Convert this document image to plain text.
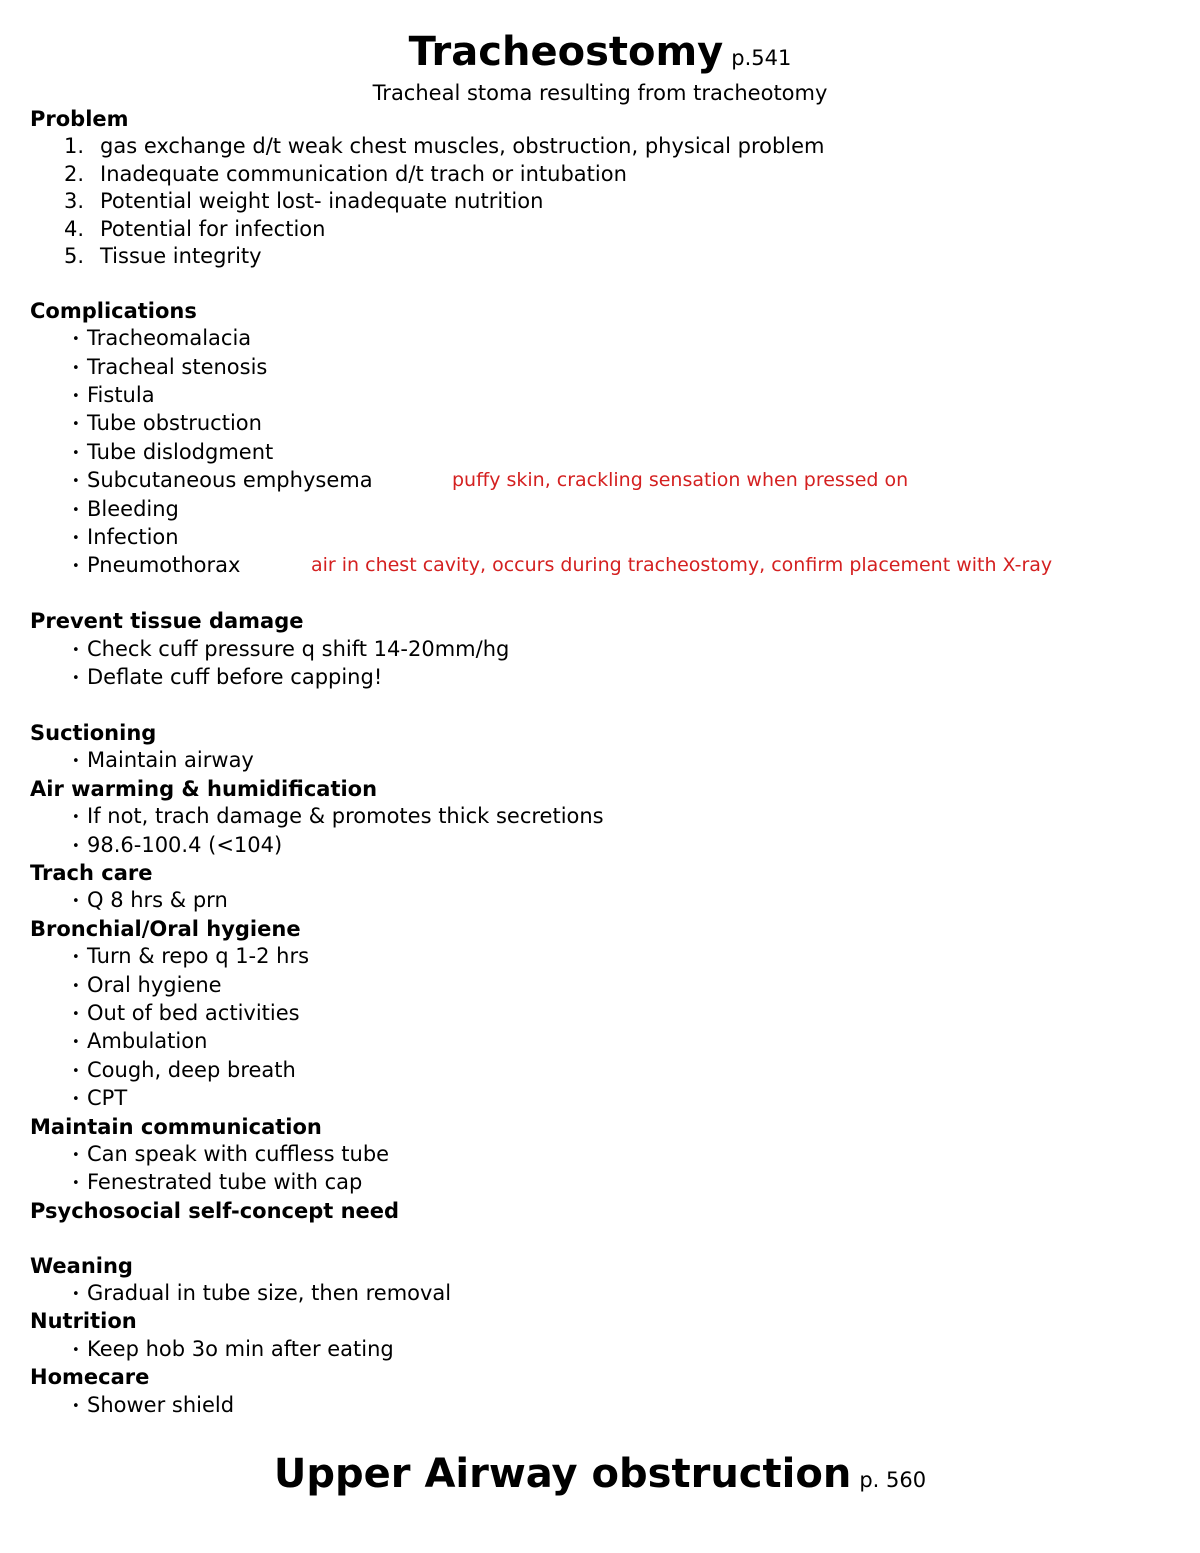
Tracheostomy p.541
Tracheal stoma resulting from tracheotomy
Problem
1. gas exchange d/t weak chest muscles, obstruction, physical problem
2. Inadequate communication d/t trach or intubation
3. Potential weight lost- inadequate nutrition
4. Potential for infection
5. Tissue integrity
Complications
• Tracheomalacia
• Tracheal stenosis
• Fistula
• Tube obstruction
• Tube dislodgment
• Subcutaneous emphysema	puffy skin, crackling sensation when pressed on
• Bleeding
• Infection
• Pneumothorax	air in chest cavity, occurs during tracheostomy, confirm placement with X-ray
Prevent tissue damage
• Check cuff pressure q shift 14-20mm/hg
• Deflate cuff before capping!
Suctioning
• Maintain airway
Air warming & humidification
• If not, trach damage & promotes thick secretions
• 98.6-100.4 (<104)
Trach care
• Q 8 hrs & prn
Bronchial/Oral hygiene
• Turn & repo q 1-2 hrs
• Oral hygiene
• Out of bed activities
• Ambulation
• Cough, deep breath
• CPT
Maintain communication
• Can speak with cuffless tube
• Fenestrated tube with cap
Psychosocial self-concept need
Weaning
• Gradual in tube size, then removal
Nutrition
• Keep hob 3o min after eating
Homecare
• Shower shield
Upper Airway obstruction p. 560
